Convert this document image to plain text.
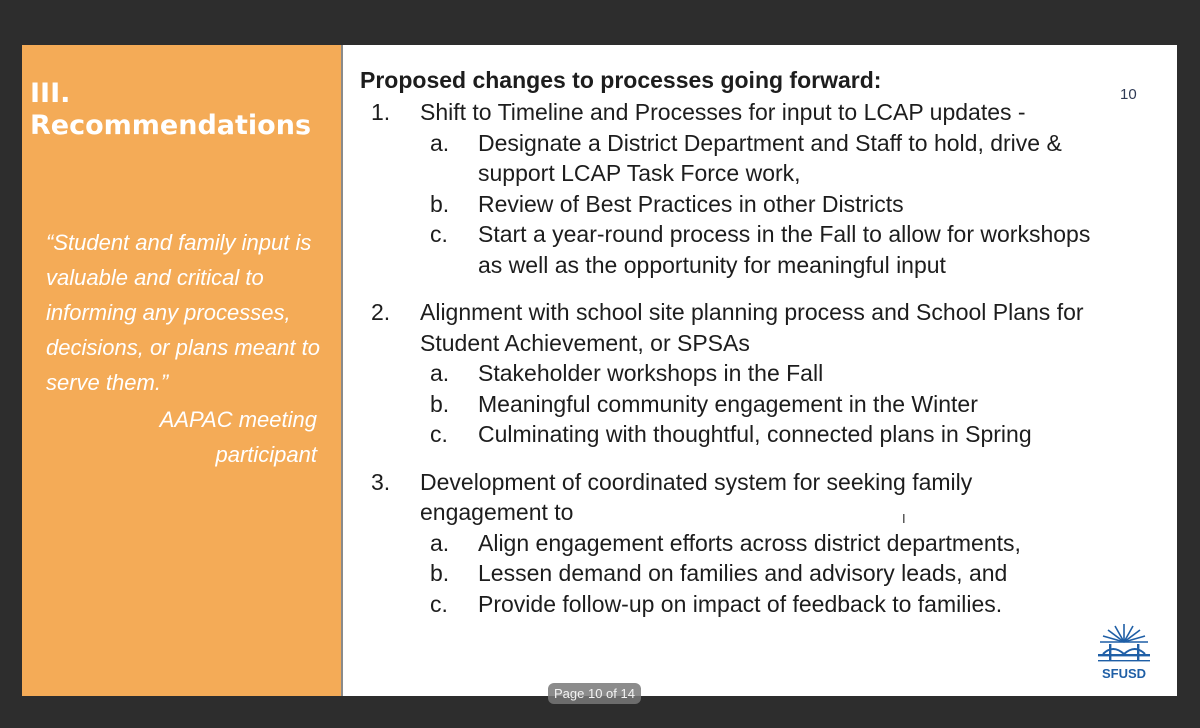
III.
Recommendations

“Student and family input is valuable and critical to informing any processes, decisions, or plans meant to serve them.”

AAPAC meeting
participant
10

Proposed changes to processes going forward:

1. Shift to Timeline and Processes for input to LCAP updates -
a. Designate a District Department and Staff to hold, drive & support LCAP Task Force work,
b. Review of Best Practices in other Districts
c. Start a year-round process in the Fall to allow for workshops as well as the opportunity for meaningful input
2. Alignment with school site planning process and School Plans for Student Achievement, or SPSAs
a. Stakeholder workshops in the Fall
b. Meaningful community engagement in the Winter
c. Culminating with thoughtful, connected plans in Spring
3. Development of coordinated system for seeking family engagement to
a. Align engagement efforts across district departments,
b. Lessen demand on families and advisory leads, and
c. Provide follow-up on impact of feedback to families.
I
SFUSD
Page 10 of 14
